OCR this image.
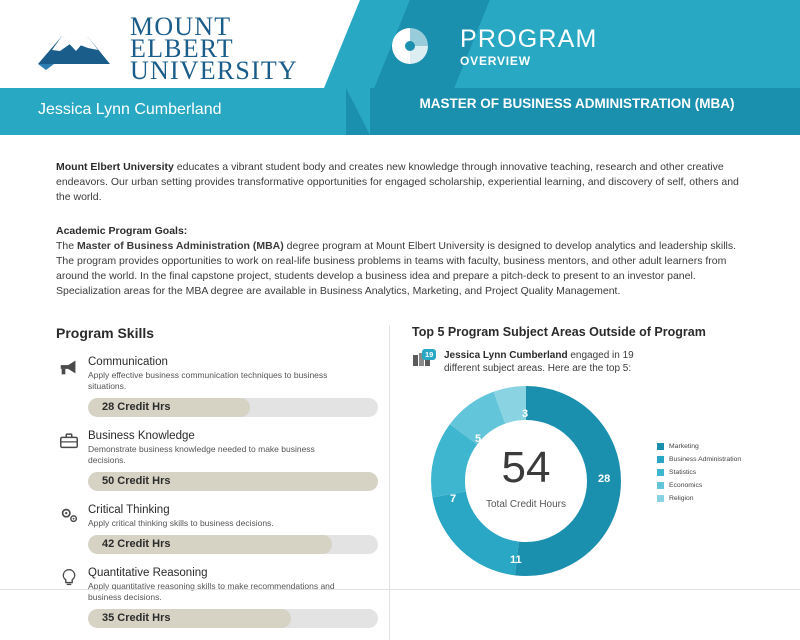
MOUNT
ELBERT
UNIVERSITY
PROGRAM
OVERVIEW
Jessica Lynn Cumberland	MASTER OF BUSINESS ADMINISTRATION (MBA)
Mount Elbert University educates a vibrant student body and creates new knowledge through innovative teaching, research and other creative endeavors. Our urban setting provides transformative opportunities for engaged scholarship, experiential learning, and discovery of self, others and the world.
Academic Program Goals:
The Master of Business Administration (MBA) degree program at Mount Elbert University is designed to develop analytics and leadership skills. The program provides opportunities to work on real-life business problems in teams with faculty, business mentors, and other adult learners from around the world. In the final capstone project, students develop a business idea and prepare a pitch-deck to present to an investor panel. Specialization areas for the MBA degree are available in Business Analytics, Marketing, and Project Quality Management.
Program Skills
Communication
Apply effective business communication techniques to business situations.
28 Credit Hrs
Business Knowledge
Demonstrate business knowledge needed to make business decisions.
50 Credit Hrs
Critical Thinking
Apply critical thinking skills to business decisions.
42 Credit Hrs
Quantitative Reasoning
Apply quantitative reasoning skills to make recommendations and business decisions.
35 Credit Hrs
Top 5 Program Subject Areas Outside of Program
19	Jessica Lynn Cumberland engaged in 19 different subject areas. Here are the top 5:
54
Total Credit Hours
28
11
7
5
3
Marketing
Business Administration
Statistics
Economics
Religion
